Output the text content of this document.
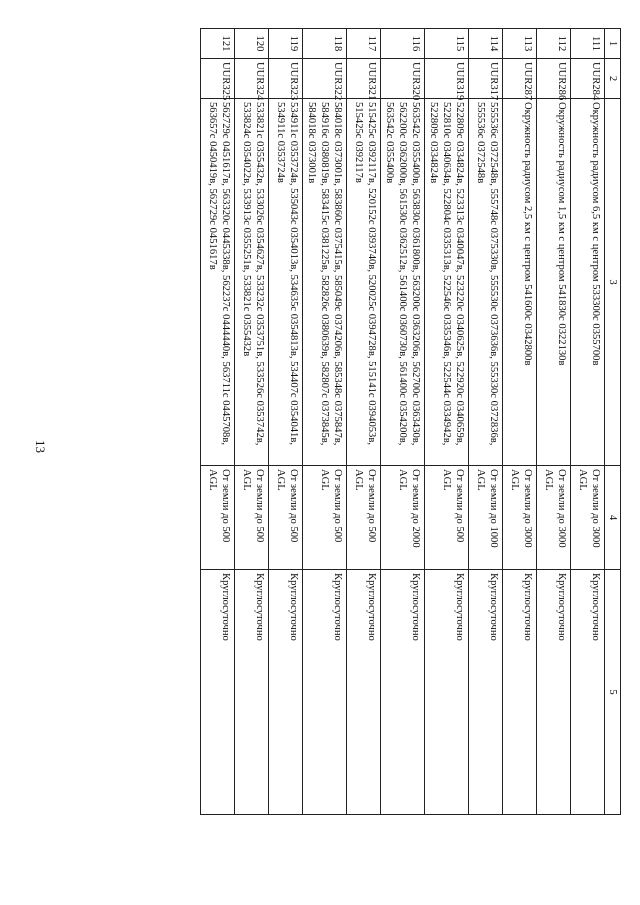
13
1	2	3	4	5
111	UUR284	Окружность радиусом 6,5 км с центром 533300с 0355700в	От земли до 3000 AGL	Круглосуточно
112	UUR286	Окружность радиусом 1,5 км с центром 541830с 0322130в	От земли до 3000 AGL	Круглосуточно
113	UUR287	Окружность радиусом 2,5 км с центром 541600с 0342800в	От земли до 3000 AGL	Круглосуточно
114	UUR317	555536с 0372548в, 555748с 0375330в, 555530с 0373636в, 555330с 0372836в, 555536с 0372548в	От земли до 1000 AGL	Круглосуточно
115	UUR319	522809с 0334824в, 523313с 0340047в, 523220с 0340625в, 522920с 0340659в, 522810с 0340634в, 522804с 0335313в, 522546с 0335346в, 522544с 0334942в, 522809с 0334824в	От земли до 500 AGL	Круглосуточно
116	UUR320	563542с 0355400в, 563830с 0361800в, 563200с 0363206в, 562700с 0363430в, 562200с 0362000в, 561530с 0362512в, 561400с 0360730в, 561400с 0354200в, 563542с 0355400в	От земли до 2000 AGL	Круглосуточно
117	UUR321	515425с 0392117в, 520152с 0393740в, 520025с 0394728в, 515141с 0394053в, 515425с 0392117в	От земли до 500 AGL	Круглосуточно
118	UUR322	584018с 0373001в, 583860с 0375415в, 585049с 0374206в, 585348с 0375847в, 584916с 0380819в, 583415с 0381225в, 582826с 0380639в, 582807с 0373845в, 584018с 0373001в	От земли до 500 AGL	Круглосуточно
119	UUR323	534911с 0353724в, 535043с 0354013в, 534635с 0354813в, 534407с 0354041в, 534911с 0353724в	От земли до 500 AGL	Круглосуточно
120	UUR324	533821с 0355432в, 533026с 0354627в, 533232с 0353751в, 533526с 0353742в, 533824с 0354022в, 533913с 0355251в, 533821с 0355432в	От земли до 500 AGL	Круглосуточно
121	UUR325	562729с 0451617в, 563320с 0445338в, 562237с 0444440в, 563711с 0445708в, 563657с 0450419в, 562729с 0451617в	От земли до 500 AGL	Круглосуточно
